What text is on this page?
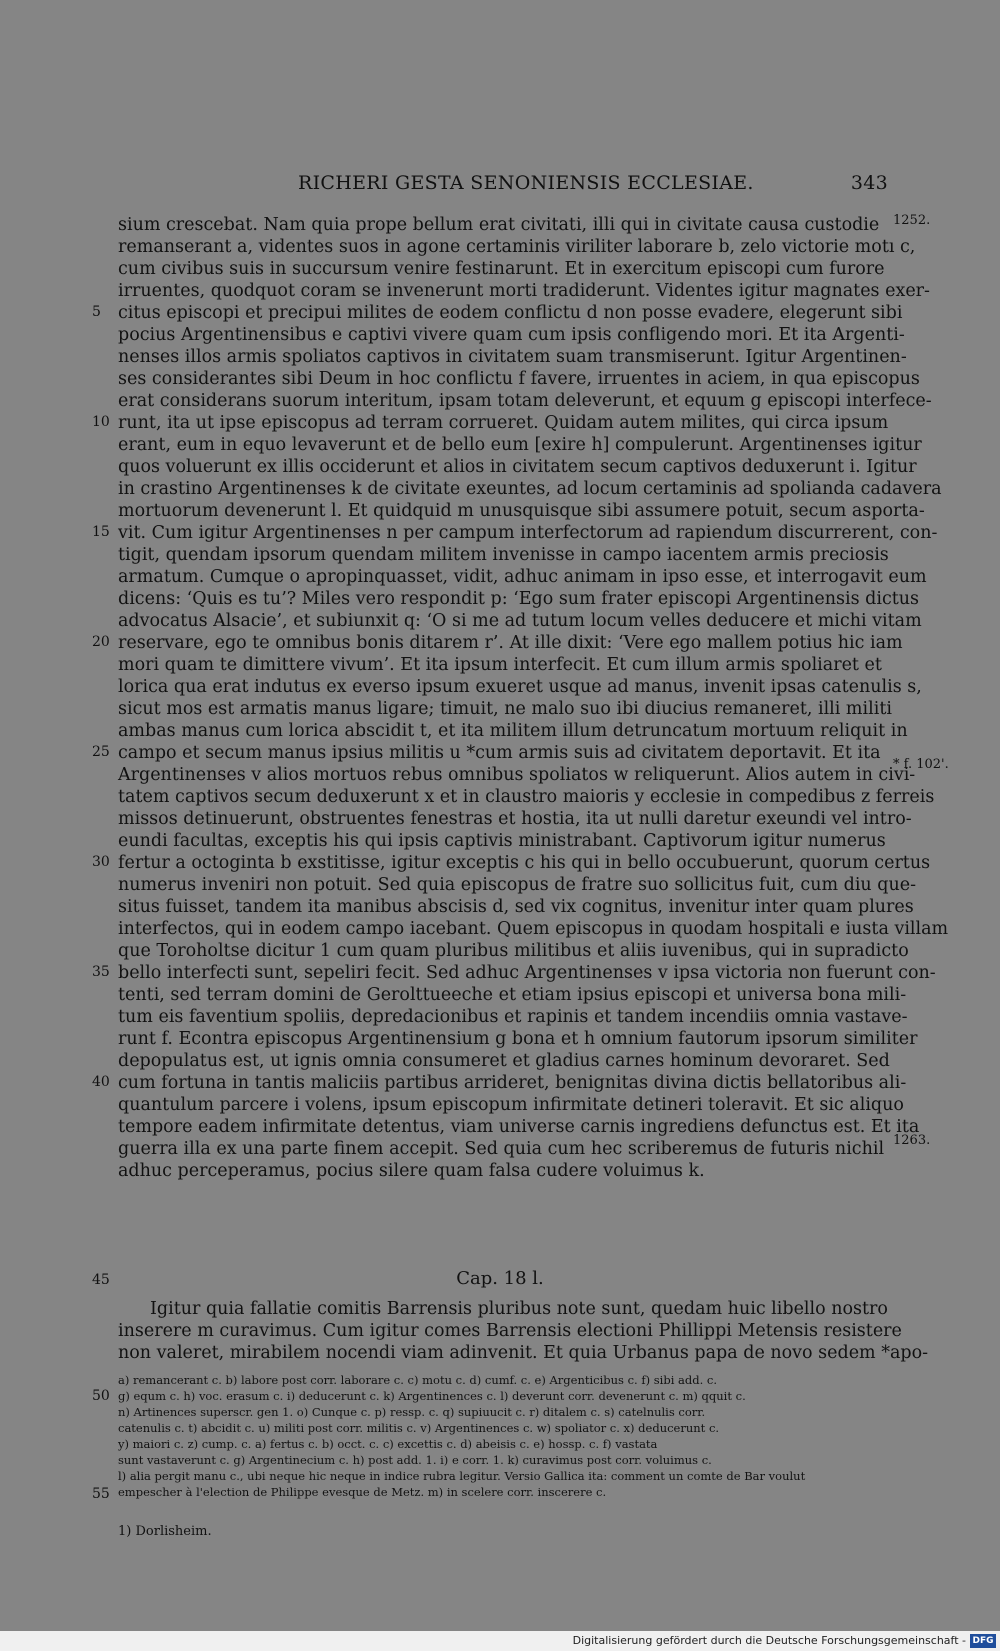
RICHERI GESTA SENONIENSIS ECCLESIAE.	343
1252.
* f. 102'.
1263.
5
10
15
20
25
30
35
40
45
50
55
sium crescebat. Nam quia prope bellum erat civitati, illi qui in civitate causa custodie
remanserant a, videntes suos in agone certaminis viriliter laborare b, zelo victorie motı c,
cum civibus suis in succursum venire festinarunt. Et in exercitum episcopi cum furore
irruentes, quodquot coram se invenerunt morti tradiderunt. Videntes igitur magnates exer-
citus episcopi et precipui milites de eodem conflictu d non posse evadere, elegerunt sibi
pocius Argentinensibus e captivi vivere quam cum ipsis confligendo mori. Et ita Argenti-
nenses illos armis spoliatos captivos in civitatem suam transmiserunt. Igitur Argentinen-
ses considerantes sibi Deum in hoc conflictu f favere, irruentes in aciem, in qua episcopus
erat considerans suorum interitum, ipsam totam deleverunt, et equum g episcopi interfece-
runt, ita ut ipse episcopus ad terram corrueret. Quidam autem milites, qui circa ipsum
erant, eum in equo levaverunt et de bello eum [exire h] compulerunt. Argentinenses igitur
quos voluerunt ex illis occiderunt et alios in civitatem secum captivos deduxerunt i. Igitur
in crastino Argentinenses k de civitate exeuntes, ad locum certaminis ad spolianda cadavera
mortuorum devenerunt l. Et quidquid m unusquisque sibi assumere potuit, secum asporta-
vit. Cum igitur Argentinenses n per campum interfectorum ad rapiendum discurrerent, con-
tigit, quendam ipsorum quendam militem invenisse in campo iacentem armis preciosis
armatum. Cumque o apropinquasset, vidit, adhuc animam in ipso esse, et interrogavit eum
dicens: ‘Quis es tu’? Miles vero respondit p: ‘Ego sum frater episcopi Argentinensis dictus
advocatus Alsacie’, et subiunxit q: ‘O si me ad tutum locum velles deducere et michi vitam
reservare, ego te omnibus bonis ditarem r’. At ille dixit: ‘Vere ego mallem potius hic iam
mori quam te dimittere vivum’. Et ita ipsum interfecit. Et cum illum armis spoliaret et
lorica qua erat indutus ex everso ipsum exueret usque ad manus, invenit ipsas catenulis s,
sicut mos est armatis manus ligare; timuit, ne malo suo ibi diucius remaneret, illi militi
ambas manus cum lorica abscidit t, et ita militem illum detruncatum mortuum reliquit in
campo et secum manus ipsius militis u *cum armis suis ad civitatem deportavit. Et ita
Argentinenses v alios mortuos rebus omnibus spoliatos w reliquerunt. Alios autem in civi-
tatem captivos secum deduxerunt x et in claustro maioris y ecclesie in compedibus z ferreis
missos detinuerunt, obstruentes fenestras et hostia, ita ut nulli daretur exeundi vel intro-
eundi facultas, exceptis his qui ipsis captivis ministrabant. Captivorum igitur numerus
fertur a octoginta b exstitisse, igitur exceptis c his qui in bello occubuerunt, quorum certus
numerus inveniri non potuit. Sed quia episcopus de fratre suo sollicitus fuit, cum diu que-
situs fuisset, tandem ita manibus abscisis d, sed vix cognitus, invenitur inter quam plures
interfectos, qui in eodem campo iacebant. Quem episcopus in quodam hospitali e iusta villam
que Toroholtse dicitur 1 cum quam pluribus militibus et aliis iuvenibus, qui in supradicto
bello interfecti sunt, sepeliri fecit. Sed adhuc Argentinenses v ipsa victoria non fuerunt con-
tenti, sed terram domini de Gerolttueeche et etiam ipsius episcopi et universa bona mili-
tum eis faventium spoliis, depredacionibus et rapinis et tandem incendiis omnia vastave-
runt f. Econtra episcopus Argentinensium g bona et h omnium fautorum ipsorum similiter
depopulatus est, ut ignis omnia consumeret et gladius carnes hominum devoraret. Sed
cum fortuna in tantis maliciis partibus arrideret, benignitas divina dictis bellatoribus ali-
quantulum parcere i volens, ipsum episcopum infirmitate detineri toleravit. Et sic aliquo
tempore eadem infirmitate detentus, viam universe carnis ingrediens defunctus est. Et ita
guerra illa ex una parte finem accepit. Sed quia cum hec scriberemus de futuris nichil
adhuc perceperamus, pocius silere quam falsa cudere voluimus k.
Cap. 18 l.
Igitur quia fallatie comitis Barrensis pluribus note sunt, quedam huic libello nostro
inserere m curavimus. Cum igitur comes Barrensis electioni Phillippi Metensis resistere
non valeret, mirabilem nocendi viam adinvenit. Et quia Urbanus papa de novo sedem *apo-
a) remancerant c. b) labore post corr. laborare c. c) motu c. d) cumf. c. e) Argenticibus c. f) sibi add. c.
g) equm c. h) voc. erasum c. i) deducerunt c. k) Argentinences c. l) deverunt corr. devenerunt c. m) qquit c.
n) Artinences superscr. gen 1. o) Cunque c. p) ressp. c. q) supiuucit c. r) ditalem c. s) catelnulis corr.
catenulis c. t) abcidit c. u) militi post corr. militis c. v) Argentinences c. w) spoliator c. x) deducerunt c.
y) maiori c. z) cump. c. a) fertus c. b) occt. c. c) excettis c. d) abeisis c. e) hossp. c. f) vastata
sunt vastaverunt c. g) Argentinecium c. h) post add. 1. i) e corr. 1. k) curavimus post corr. voluimus c.
l) alia pergit manu c., ubi neque hic neque in indice rubra legitur. Versio Gallica ita: comment un comte de Bar voulut
empescher à l'election de Philippe evesque de Metz. m) in scelere corr. inscerere c.
1) Dorlisheim.
Digitalisierung gefördert durch die Deutsche Forschungsgemeinschaft - DFG
